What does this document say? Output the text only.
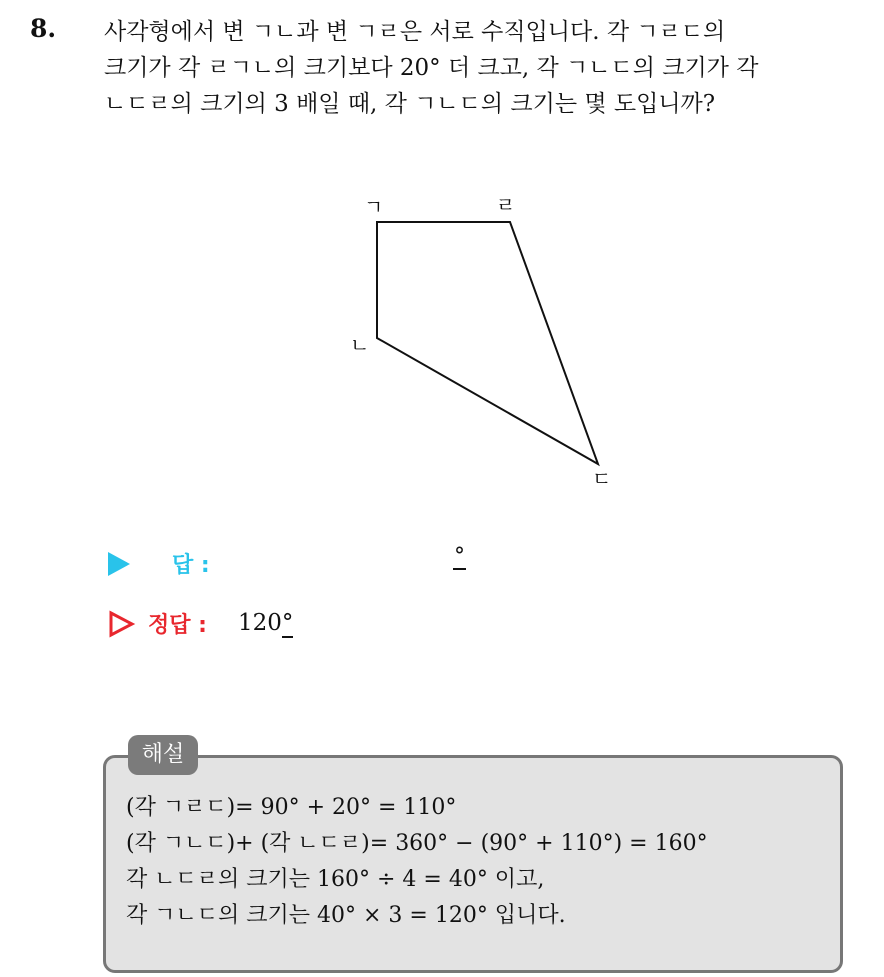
8. 사각형에서 변 ㄱㄴ과 변 ㄱㄹ은 서로 수직입니다. 각 ㄱㄹㄷ의
크기가 각 ㄹㄱㄴ의 크기보다 20° 더 크고, 각 ㄱㄴㄷ의 크기가 각
ㄴㄷㄹ의 크기의 3 배일 때, 각 ㄱㄴㄷ의 크기는 몇 도입니까?
ㄱ	ㄹ
ㄴ
ㄷ
답 :	°
정답 : 120°
해설
(각 ㄱㄹㄷ)= 90° + 20° = 110°
(각 ㄱㄴㄷ)+ (각 ㄴㄷㄹ)= 360° − (90° + 110°) = 160°
각 ㄴㄷㄹ의 크기는 160° ÷ 4 = 40° 이고,
각 ㄱㄴㄷ의 크기는 40° × 3 = 120° 입니다.
